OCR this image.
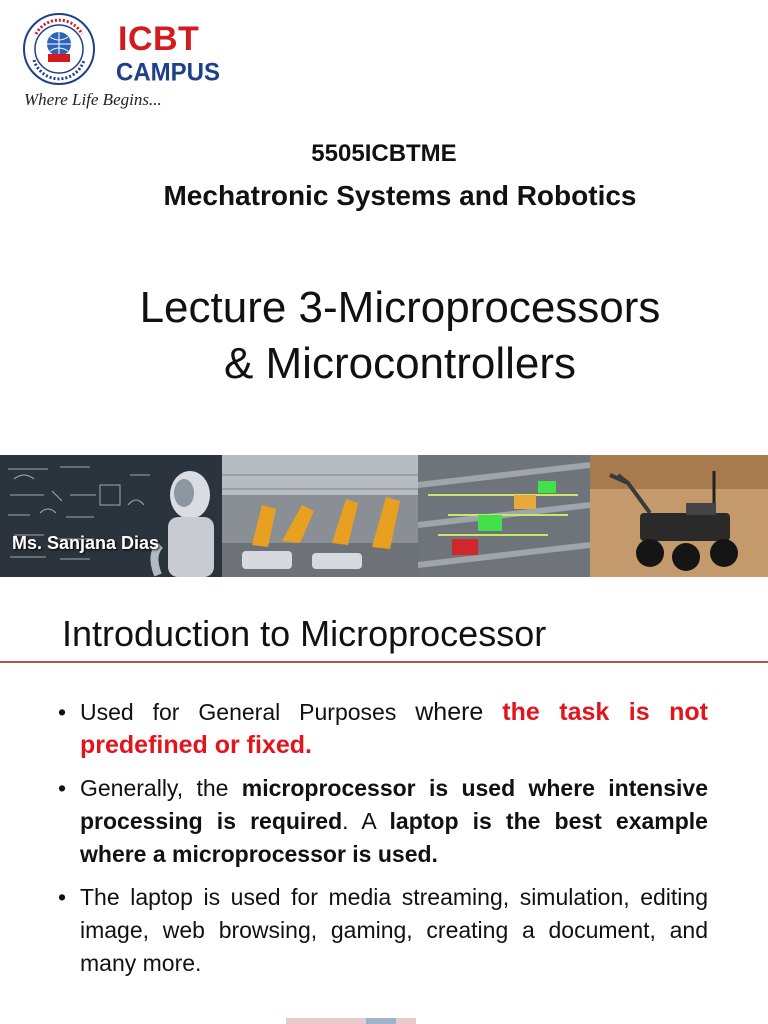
ICBT
CAMPUS
Where Life Begins...
5505ICBTME
Mechatronic Systems and Robotics
Lecture 3-Microprocessors
& Microcontrollers
Ms. Sanjana Dias
Introduction to Microprocessor
• Used for General Purposes where the task is not predefined or fixed.
• Generally, the microprocessor is used where intensive processing is required. A laptop is the best example where a microprocessor is used.
• The laptop is used for media streaming, simulation, editing image, web browsing, gaming, creating a document, and many more.
